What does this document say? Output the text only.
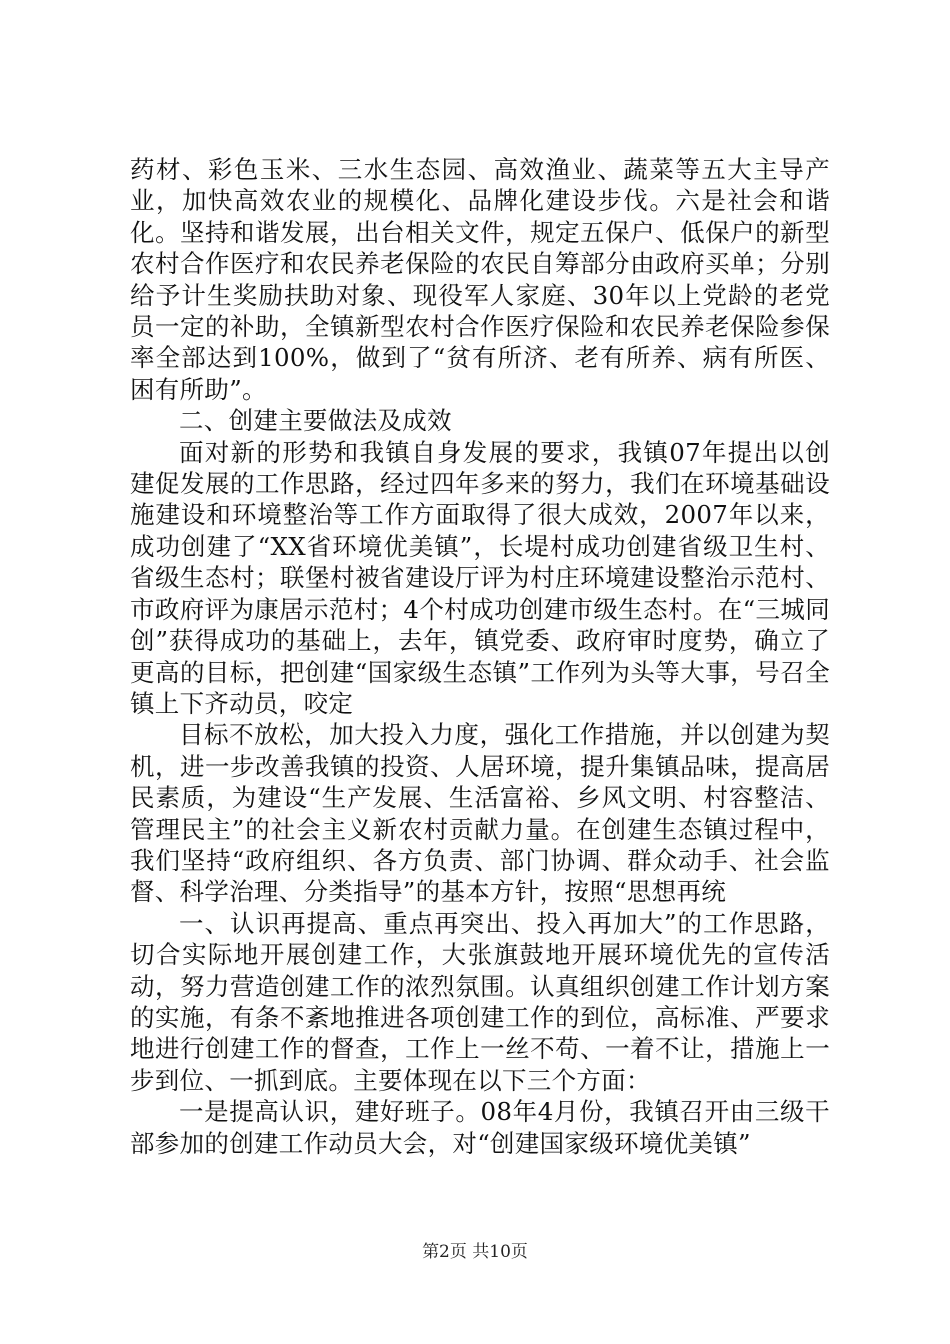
药材、彩色玉米、三水生态园、高效渔业、蔬菜等五大主导产业，加快高效农业的规模化、品牌化建设步伐。六是社会和谐化。坚持和谐发展，出台相关文件，规定五保户、低保户的新型农村合作医疗和农民养老保险的农民自筹部分由政府买单；分别给予计生奖励扶助对象、现役军人家庭、30年以上党龄的老党员一定的补助，全镇新型农村合作医疗保险和农民养老保险参保率全部达到100%，做到了“贫有所济、老有所养、病有所医、困有所助”。

二、创建主要做法及成效

面对新的形势和我镇自身发展的要求，我镇07年提出以创建促发展的工作思路，经过四年多来的努力，我们在环境基础设施建设和环境整治等工作方面取得了很大成效，2007年以来，成功创建了“XX省环境优美镇”，长堤村成功创建省级卫生村、省级生态村；联堡村被省建设厅评为村庄环境建设整治示范村、市政府评为康居示范村；4个村成功创建市级生态村。在“三城同创”获得成功的基础上，去年，镇党委、政府审时度势，确立了更高的目标，把创建“国家级生态镇”工作列为头等大事，号召全镇上下齐动员，咬定

目标不放松，加大投入力度，强化工作措施，并以创建为契机，进一步改善我镇的投资、人居环境，提升集镇品味，提高居民素质，为建设“生产发展、生活富裕、乡风文明、村容整洁、管理民主”的社会主义新农村贡献力量。在创建生态镇过程中，我们坚持“政府组织、各方负责、部门协调、群众动手、社会监督、科学治理、分类指导”的基本方针，按照“思想再统

一、认识再提高、重点再突出、投入再加大”的工作思路，切合实际地开展创建工作，大张旗鼓地开展环境优先的宣传活动，努力营造创建工作的浓烈氛围。认真组织创建工作计划方案的实施，有条不紊地推进各项创建工作的到位，高标准、严要求地进行创建工作的督查，工作上一丝不苟、一着不让，措施上一步到位、一抓到底。主要体现在以下三个方面：

一是提高认识，建好班子。08年4月份，我镇召开由三级干部参加的创建工作动员大会，对“创建国家级环境优美镇”

第2页 共10页
